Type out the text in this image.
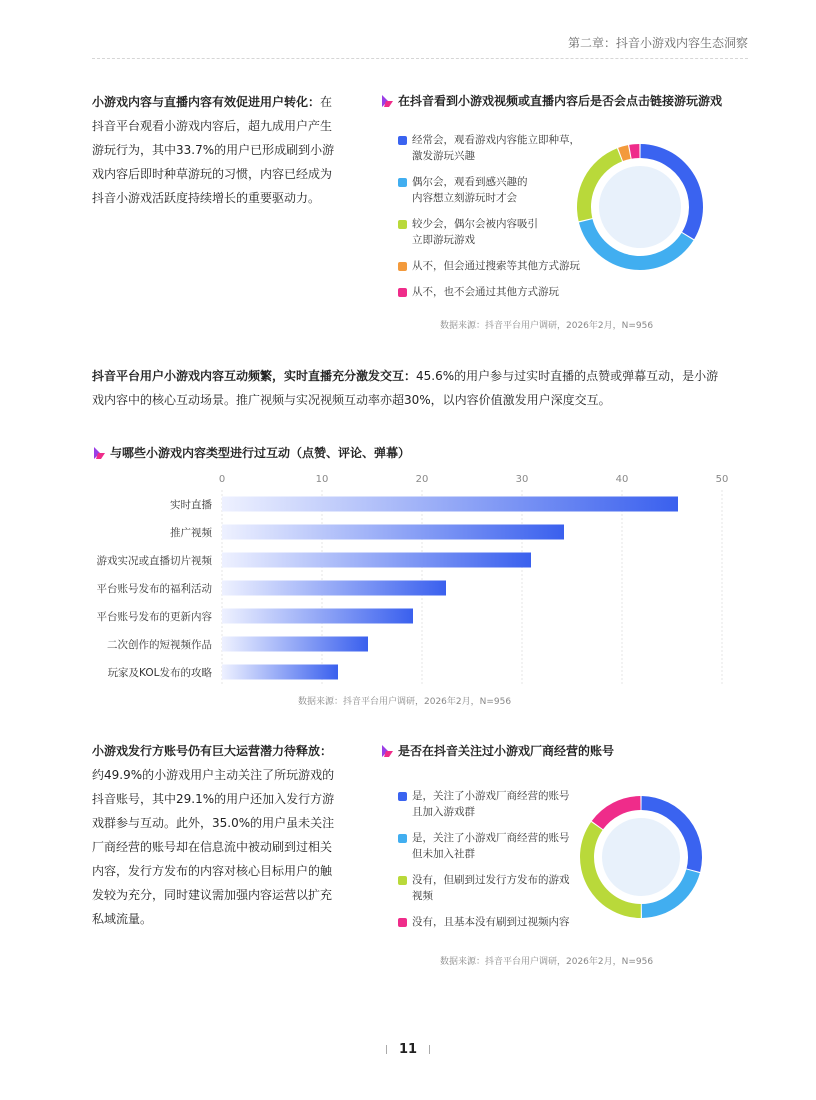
第二章：抖音小游戏内容生态洞察
小游戏内容与直播内容有效促进用户转化：在
抖音平台观看小游戏内容后，超九成用户产生
游玩行为，其中33.7%的用户已形成刷到小游
戏内容后即时种草游玩的习惯，内容已经成为
抖音小游戏活跃度持续增长的重要驱动力。
在抖音看到小游戏视频或直播内容后是否会点击链接游玩游戏
经常会，观看游戏内容能立即种草，
激发游玩兴趣
偶尔会，观看到感兴趣的
内容想立刻游玩时才会
较少会，偶尔会被内容吸引
立即游玩游戏
从不，但会通过搜索等其他方式游玩
从不，也不会通过其他方式游玩
数据来源：抖音平台用户调研，2026年2月，N=956
抖音平台用户小游戏内容互动频繁，实时直播充分激发交互：45.6%的用户参与过实时直播的点赞或弹幕互动，是小游
戏内容中的核心互动场景。推广视频与实况视频互动率亦超30%，以内容价值激发用户深度交互。
与哪些小游戏内容类型进行过互动（点赞、评论、弹幕）
0	10	20	30	40	50
实时直播
推广视频
游戏实况或直播切片视频
平台账号发布的福利活动
平台账号发布的更新内容
二次创作的短视频作品
玩家及KOL发布的攻略
数据来源：抖音平台用户调研，2026年2月，N=956
小游戏发行方账号仍有巨大运营潜力待释放：
约49.9%的小游戏用户主动关注了所玩游戏的
抖音账号，其中29.1%的用户还加入发行方游
戏群参与互动。此外，35.0%的用户虽未关注
厂商经营的账号却在信息流中被动刷到过相关
内容，发行方发布的内容对核心目标用户的触
发较为充分，同时建议需加强内容运营以扩充
私域流量。
是否在抖音关注过小游戏厂商经营的账号
是，关注了小游戏厂商经营的账号
且加入游戏群
是，关注了小游戏厂商经营的账号
但未加入社群
没有，但刷到过发行方发布的游戏
视频
没有，且基本没有刷到过视频内容
数据来源：抖音平台用户调研，2026年2月，N=956
11
